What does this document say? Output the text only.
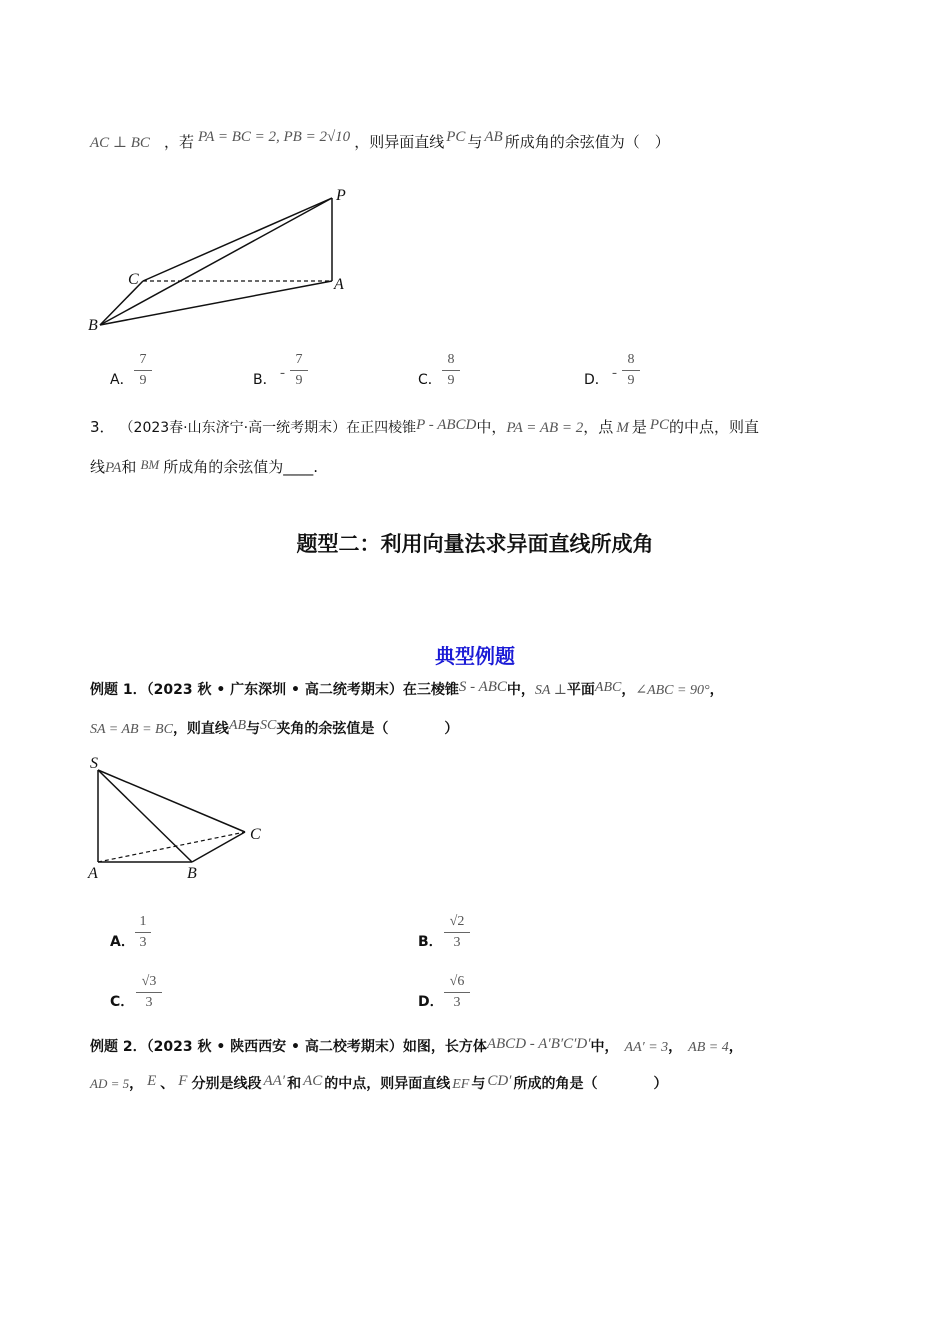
AC ⊥ BC ，若 PA = BC = 2, PB = 2√10 ，则异面直线 PC 与 AB 所成角的余弦值为（　）
P
C	A
B
A．
7
9	B． -
7
9	C．
8
9	D． -
8
9
3． （2023春·山东济宁·高一统考期末）在正四棱锥P - ABCD中，PA = AB = 2，点 M 是 PC的中点，则直
线PA和 BM 所成角的余弦值为____.
题型二：利用向量法求异面直线所成角
典型例题
例题 1．（2023 秋 • 广东深圳 • 高二统考期末）在三棱锥S - ABC中，SA ⊥平面ABC，∠ABC = 90°，
SA = AB = BC，则直线AB与SC夹角的余弦值是（　　　　）
S
C
A	B
A．
1
3	B．
√2
3
C．
√3
3	D．
√6
3
例题 2．（2023 秋 • 陕西西安 • 高二校考期末）如图，长方体ABCD - A′B′C′D′中， AA′ = 3， AB = 4，
AD = 5， E 、 F 分别是线段 AA′ 和 AC 的中点，则异面直线 EF 与 CD′ 所成的角是（　　　　）
